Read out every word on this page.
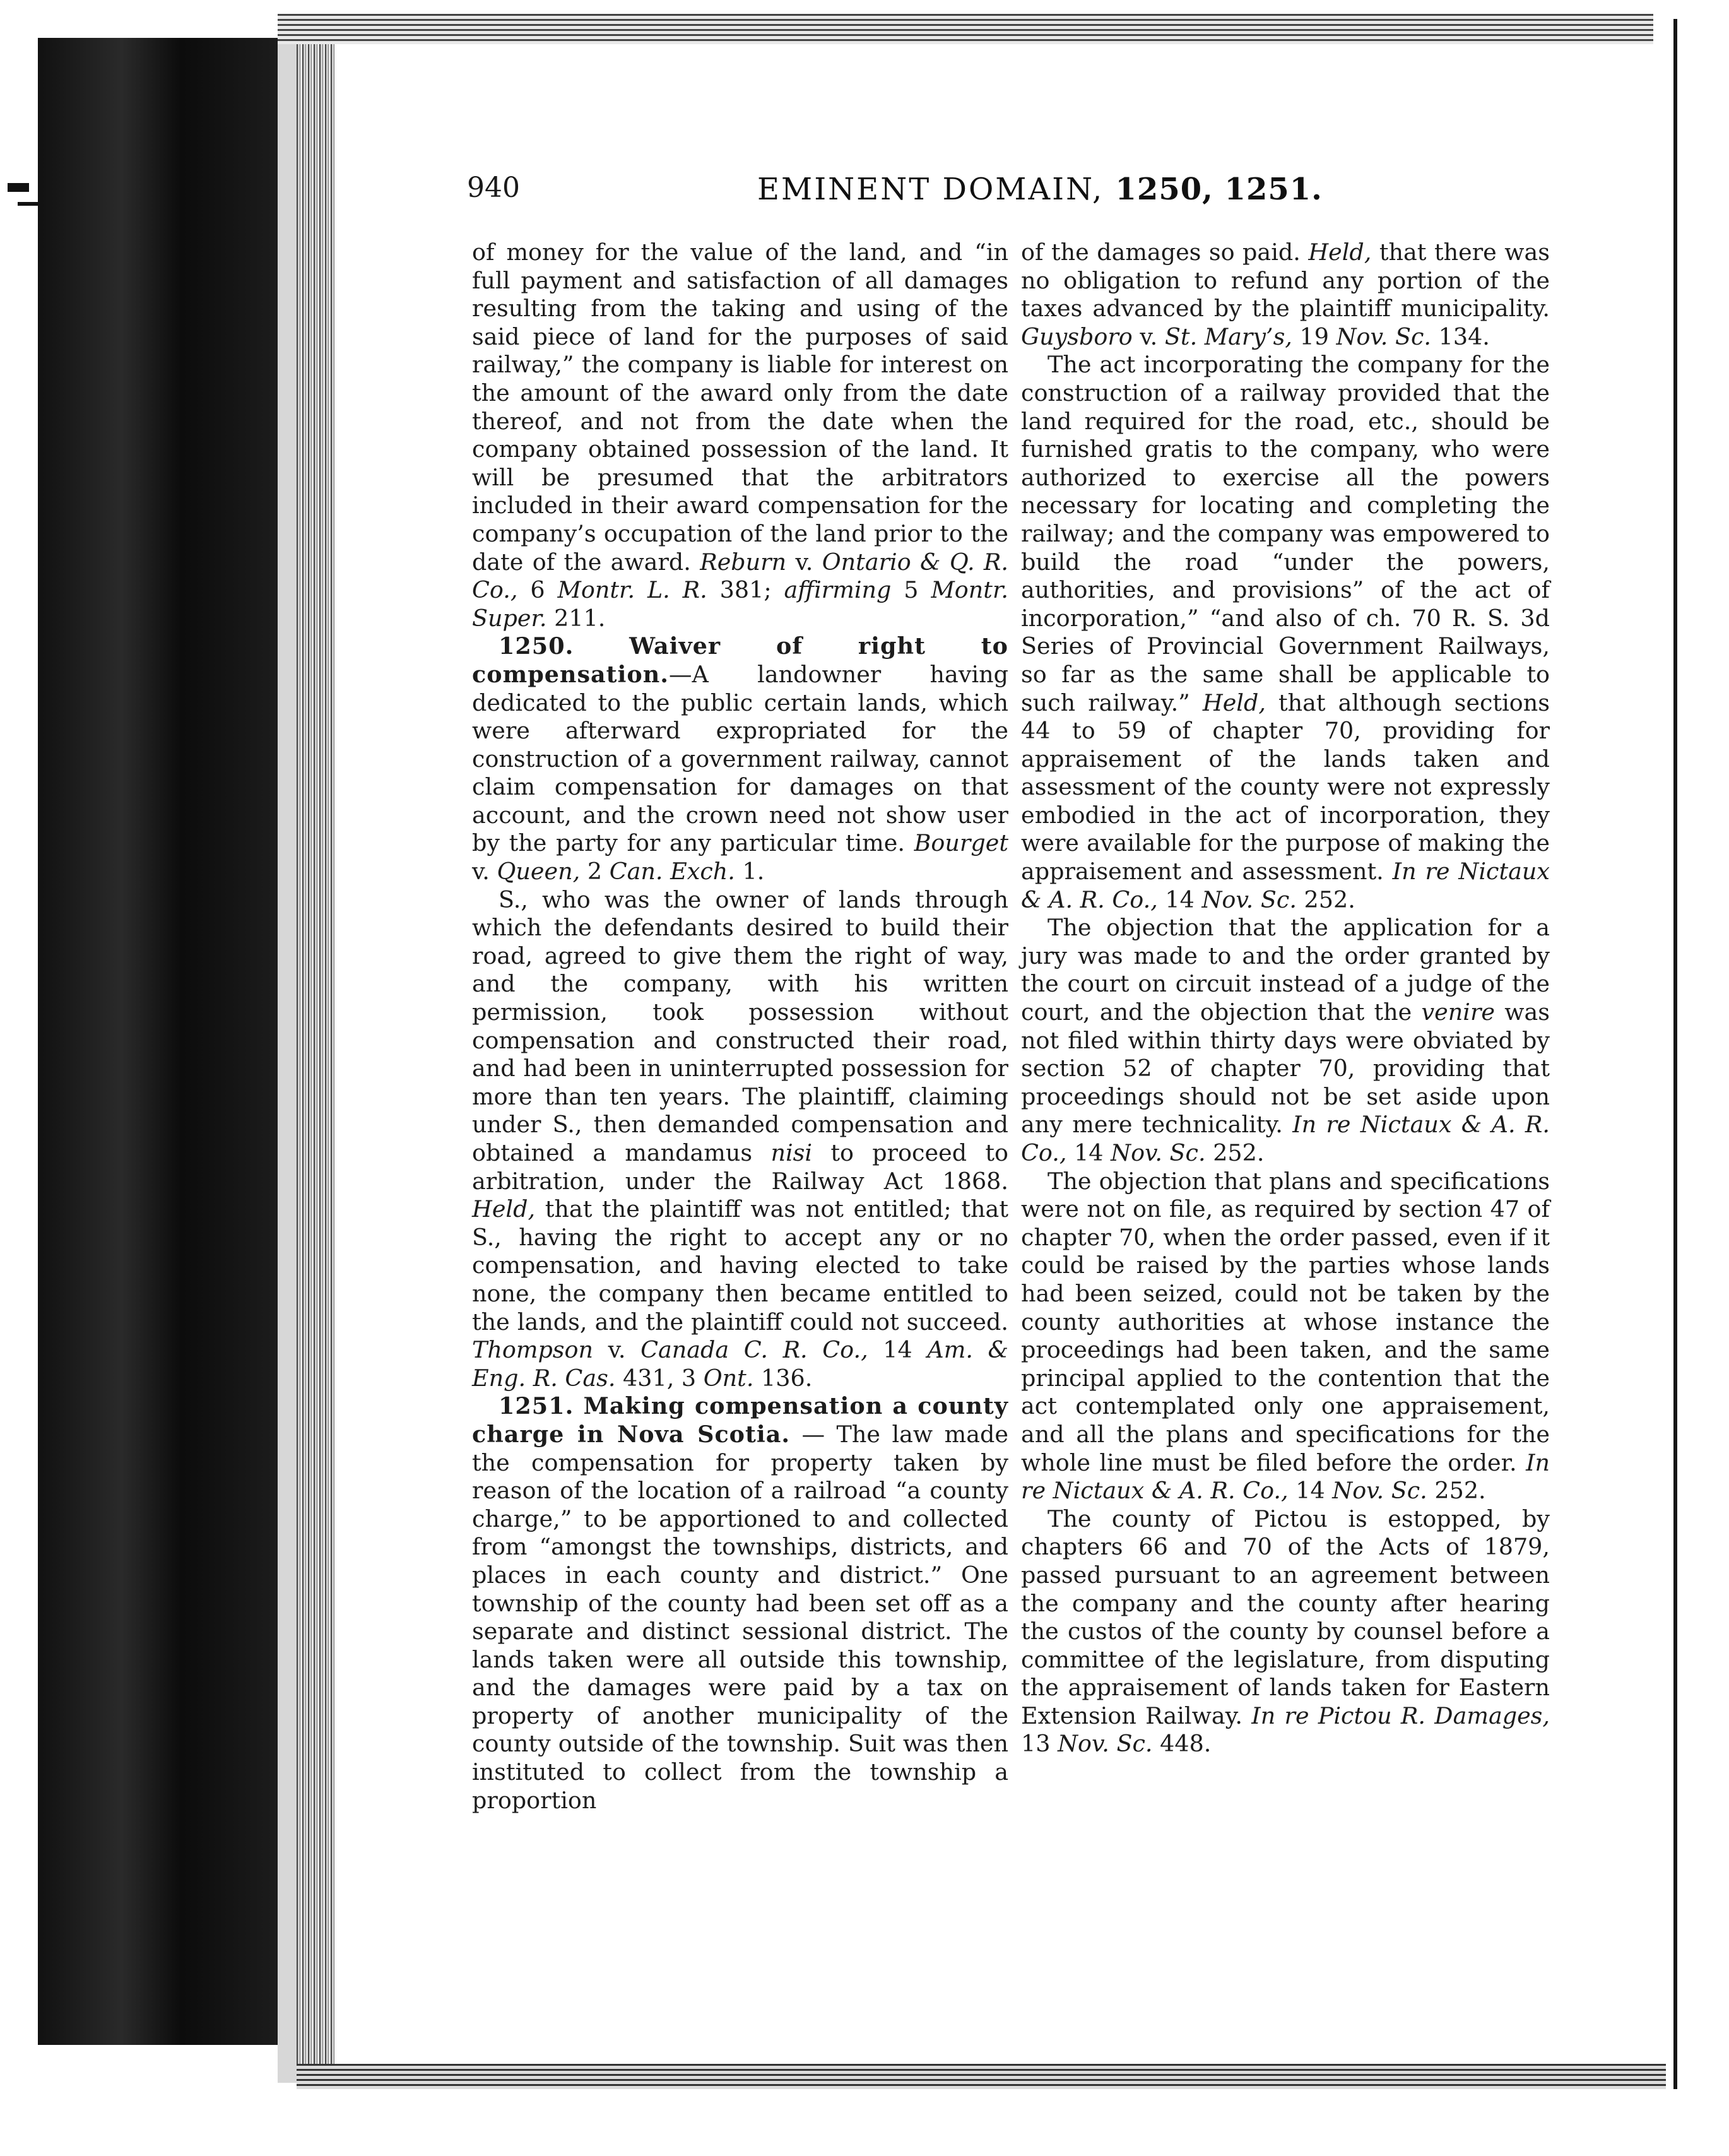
940	EMINENT DOMAIN, 1250, 1251.

of money for the value of the land, and “in full payment and satisfaction of all damages resulting from the taking and using of the said piece of land for the purposes of said railway,” the company is liable for interest on the amount of the award only from the date thereof, and not from the date when the company obtained possession of the land. It will be presumed that the arbitrators included in their award compensation for the company’s occupation of the land prior to the date of the award. Reburn v. Ontario & Q. R. Co., 6 Montr. L. R. 381; affirming 5 Montr. Super. 211.

1250. Waiver of right to compensation.—A landowner having dedicated to the public certain lands, which were afterward expropriated for the construction of a government railway, cannot claim compensation for damages on that account, and the crown need not show user by the party for any particular time. Bourget v. Queen, 2 Can. Exch. 1.

S., who was the owner of lands through which the defendants desired to build their road, agreed to give them the right of way, and the company, with his written permission, took possession without compensation and constructed their road, and had been in uninterrupted possession for more than ten years. The plaintiff, claiming under S., then demanded compensation and obtained a mandamus nisi to proceed to arbitration, under the Railway Act 1868. Held, that the plaintiff was not entitled; that S., having the right to accept any or no compensation, and having elected to take none, the company then became entitled to the lands, and the plaintiff could not succeed. Thompson v. Canada C. R. Co., 14 Am. & Eng. R. Cas. 431, 3 Ont. 136.

1251. Making compensation a county charge in Nova Scotia. — The law made the compensation for property taken by reason of the location of a railroad “a county charge,” to be apportioned to and collected from “amongst the townships, districts, and places in each county and district.” One township of the county had been set off as a separate and distinct sessional district. The lands taken were all outside this township, and the damages were paid by a tax on property of another municipality of the county outside of the township. Suit was then instituted to collect from the township a proportion

of the damages so paid. Held, that there was no obligation to refund any portion of the taxes advanced by the plaintiff municipality. Guysboro v. St. Mary’s, 19 Nov. Sc. 134.

The act incorporating the company for the construction of a railway provided that the land required for the road, etc., should be furnished gratis to the company, who were authorized to exercise all the powers necessary for locating and completing the railway; and the company was empowered to build the road “under the powers, authorities, and provisions” of the act of incorporation,” “and also of ch. 70 R. S. 3d Series of Provincial Government Railways, so far as the same shall be applicable to such railway.” Held, that although sections 44 to 59 of chapter 70, providing for appraisement of the lands taken and assessment of the county were not expressly embodied in the act of incorporation, they were available for the purpose of making the appraisement and assessment. In re Nictaux & A. R. Co., 14 Nov. Sc. 252.

The objection that the application for a jury was made to and the order granted by the court on circuit instead of a judge of the court, and the objection that the venire was not filed within thirty days were obviated by section 52 of chapter 70, providing that proceedings should not be set aside upon any mere technicality. In re Nictaux & A. R. Co., 14 Nov. Sc. 252.

The objection that plans and specifications were not on file, as required by section 47 of chapter 70, when the order passed, even if it could be raised by the parties whose lands had been seized, could not be taken by the county authorities at whose instance the proceedings had been taken, and the same principal applied to the contention that the act contemplated only one appraisement, and all the plans and specifications for the whole line must be filed before the order. In re Nictaux & A. R. Co., 14 Nov. Sc. 252.

The county of Pictou is estopped, by chapters 66 and 70 of the Acts of 1879, passed pursuant to an agreement between the company and the county after hearing the custos of the county by counsel before a committee of the legislature, from disputing the appraisement of lands taken for Eastern Extension Railway. In re Pictou R. Damages, 13 Nov. Sc. 448.
